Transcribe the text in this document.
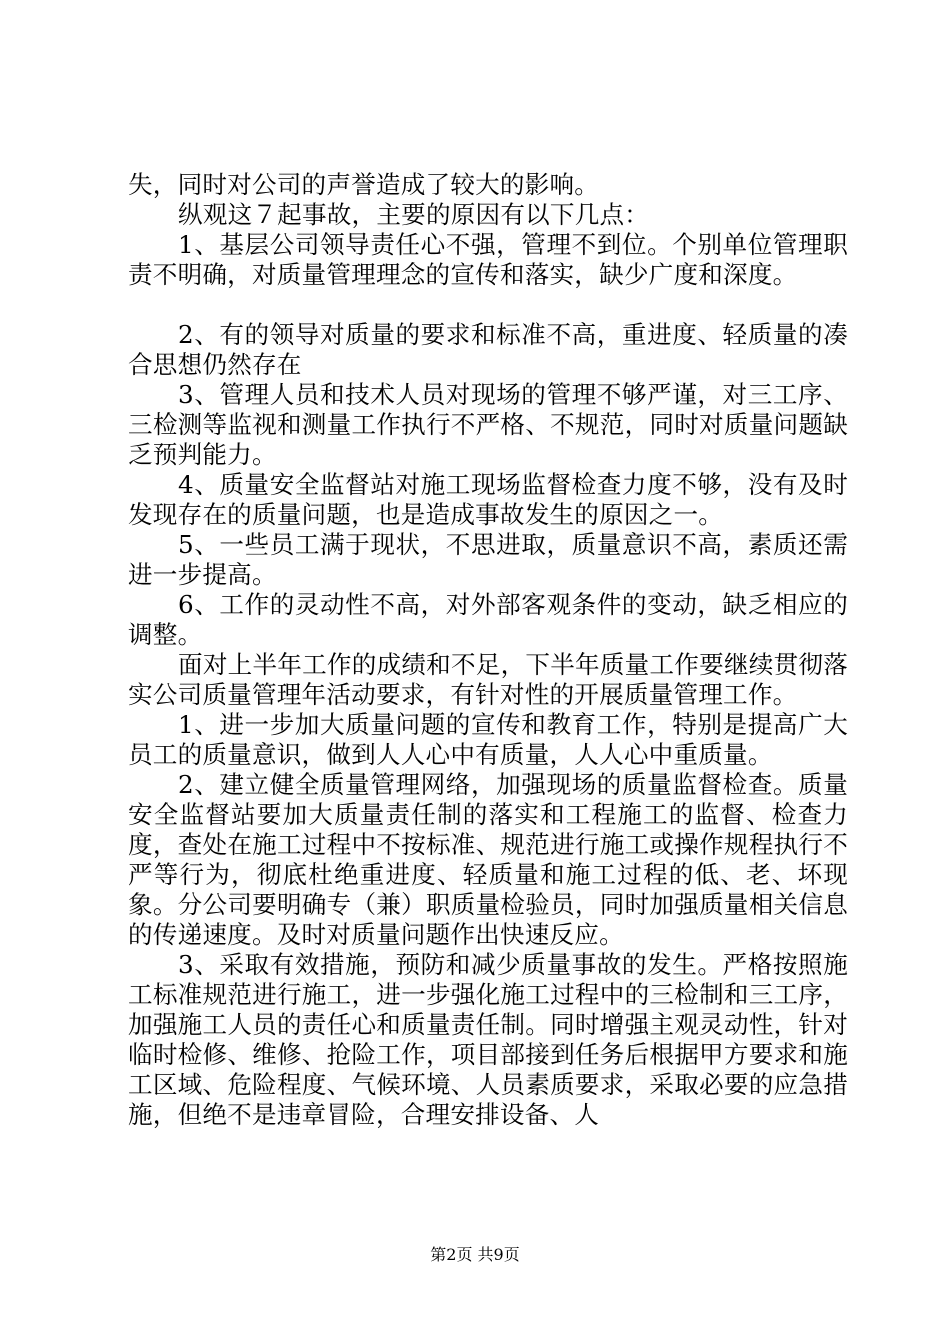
失，同时对公司的声誉造成了较大的影响。

纵观这７起事故，主要的原因有以下几点：

1、基层公司领导责任心不强，管理不到位。个别单位管理职责不明确，对质量管理理念的宣传和落实，缺少广度和深度。

2、有的领导对质量的要求和标准不高，重进度、轻质量的凑合思想仍然存在

3、管理人员和技术人员对现场的管理不够严谨，对三工序、三检测等监视和测量工作执行不严格、不规范，同时对质量问题缺乏预判能力。

4、质量安全监督站对施工现场监督检查力度不够，没有及时发现存在的质量问题，也是造成事故发生的原因之一。

5、一些员工满于现状，不思进取，质量意识不高，素质还需进一步提高。

6、工作的灵动性不高，对外部客观条件的变动，缺乏相应的调整。

面对上半年工作的成绩和不足，下半年质量工作要继续贯彻落实公司质量管理年活动要求，有针对性的开展质量管理工作。

1、进一步加大质量问题的宣传和教育工作，特别是提高广大员工的质量意识，做到人人心中有质量，人人心中重质量。

2、建立健全质量管理网络，加强现场的质量监督检查。质量安全监督站要加大质量责任制的落实和工程施工的监督、检查力度，查处在施工过程中不按标准、规范进行施工或操作规程执行不严等行为，彻底杜绝重进度、轻质量和施工过程的低、老、坏现象。分公司要明确专（兼）职质量检验员，同时加强质量相关信息的传递速度。及时对质量问题作出快速反应。

3、采取有效措施，预防和减少质量事故的发生。严格按照施工标准规范进行施工，进一步强化施工过程中的三检制和三工序，加强施工人员的责任心和质量责任制。同时增强主观灵动性，针对临时检修、维修、抢险工作，项目部接到任务后根据甲方要求和施工区域、危险程度、气候环境、人员素质要求，采取必要的应急措施，但绝不是违章冒险，合理安排设备、人

第2页 共9页
